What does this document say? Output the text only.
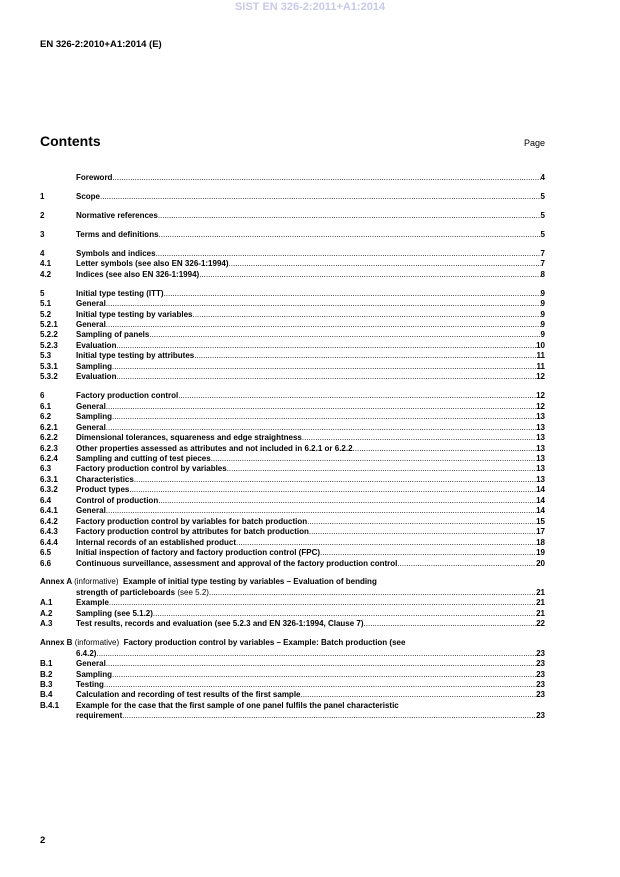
SIST EN 326-2:2011+A1:2014
EN 326-2:2010+A1:2014 (E)
Contents	Page
Foreword .....	4
1	Scope .....	5
2	Normative references .....	5
3	Terms and definitions .....	5
4	Symbols and indices .....	7
4.1	Letter symbols (see also EN 326-1:1994) .....	7
4.2	Indices (see also EN 326-1:1994) .....	8
5	Initial type testing (ITT) .....	9
5.1	General .....	9
5.2	Initial type testing by variables .....	9
5.2.1	General .....	9
5.2.2	Sampling of panels .....	9
5.2.3	Evaluation .....	10
5.3	Initial type testing by attributes .....	11
5.3.1	Sampling .....	11
5.3.2	Evaluation .....	12
6	Factory production control .....	12
6.1	General .....	12
6.2	Sampling .....	13
6.2.1	General .....	13
6.2.2	Dimensional tolerances, squareness and edge straightness .....	13
6.2.3	Other properties assessed as attributes and not included in 6.2.1 or 6.2.2 .....	13
6.2.4	Sampling and cutting of test pieces .....	13
6.3	Factory production control by variables .....	13
6.3.1	Characteristics .....	13
6.3.2	Product types .....	14
6.4	Control of production .....	14
6.4.1	General .....	14
6.4.2	Factory production control by variables for batch production .....	15
6.4.3	Factory production control by attributes for batch production .....	17
6.4.4	Internal records of an established product .....	18
6.5	Initial inspection of factory and factory production control (FPC) .....	19
6.6	Continuous surveillance, assessment and approval of the factory production control .....	20
Annex A (informative) Example of initial type testing by variables – Evaluation of bending
strength of particleboards
(see 5.2) .....	21
A.1	Example .....	21
A.2	Sampling (see 5.1.2) .....	21
A.3	Test results, records and evaluation (see 5.2.3 and EN 326-1:1994, Clause 7) .....	22
Annex B (informative) Factory production control by variables – Example: Batch production (see
6.4.2) .....	23
B.1	General .....	23
B.2	Sampling .....	23
B.3	Testing .....	23
B.4	Calculation and recording of test results of the first sample .....	23
B.4.1	Example for the case that the first sample of one panel fulfils the panel characteristic
requirement .....	23
2
